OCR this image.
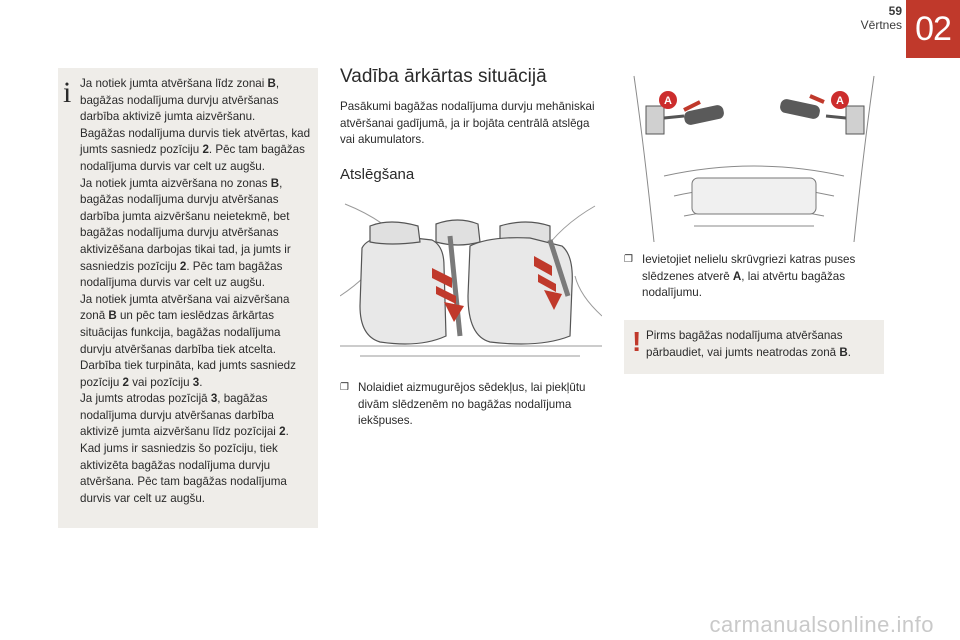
59
Vērtnes 02
i Ja notiek jumta atvēršana līdz zonai B, bagāžas nodalījuma durvju atvēršanas darbība aktivizē jumta aizvēršanu.

Bagāžas nodalījuma durvis tiek atvērtas, kad jumts sasniedz pozīciju 2. Pēc tam bagāžas nodalījuma durvis var celt uz augšu.

Ja notiek jumta aizvēršana no zonas B, bagāžas nodalījuma durvju atvēršanas darbība jumta aizvēršanu neietekmē, bet bagāžas nodalījuma durvju atvēršanas aktivizēšana darbojas tikai tad, ja jumts ir sasniedzis pozīciju 2. Pēc tam bagāžas nodalījuma durvis var celt uz augšu.

Ja notiek jumta atvēršana vai aizvēršana zonā B un pēc tam ieslēdzas ārkārtas situācijas funkcija, bagāžas nodalījuma durvju atvēršanas darbība tiek atcelta. Darbība tiek turpināta, kad jumts sasniedz pozīciju 2 vai pozīciju 3.

Ja jumts atrodas pozīcijā 3, bagāžas nodalījuma durvju atvēršanas darbība aktivizē jumta aizvēršanu līdz pozīcijai 2.

Kad jums ir sasniedzis šo pozīciju, tiek aktivizēta bagāžas nodalījuma durvju atvēršana. Pēc tam bagāžas nodalījuma durvis var celt uz augšu.

Vadība ārkārtas situācijā

Pasākumi bagāžas nodalījuma durvju mehāniskai atvēršanai gadījumā, ja ir bojāta centrālā atslēga vai akumulators.

Atslēgšana
❐ Nolaidiet aizmugurējos sēdekļus, lai piekļūtu divām slēdzenēm no bagāžas nodalījuma iekšpuses.
A	A
❐ Ievietojiet nelielu skrūvgriezi katras puses slēdzenes atverē A, lai atvērtu bagāžas nodalījumu.
! Pirms bagāžas nodalījuma atvēršanas pārbaudiet, vai jumts neatrodas zonā B.

carmanualsonline.info
